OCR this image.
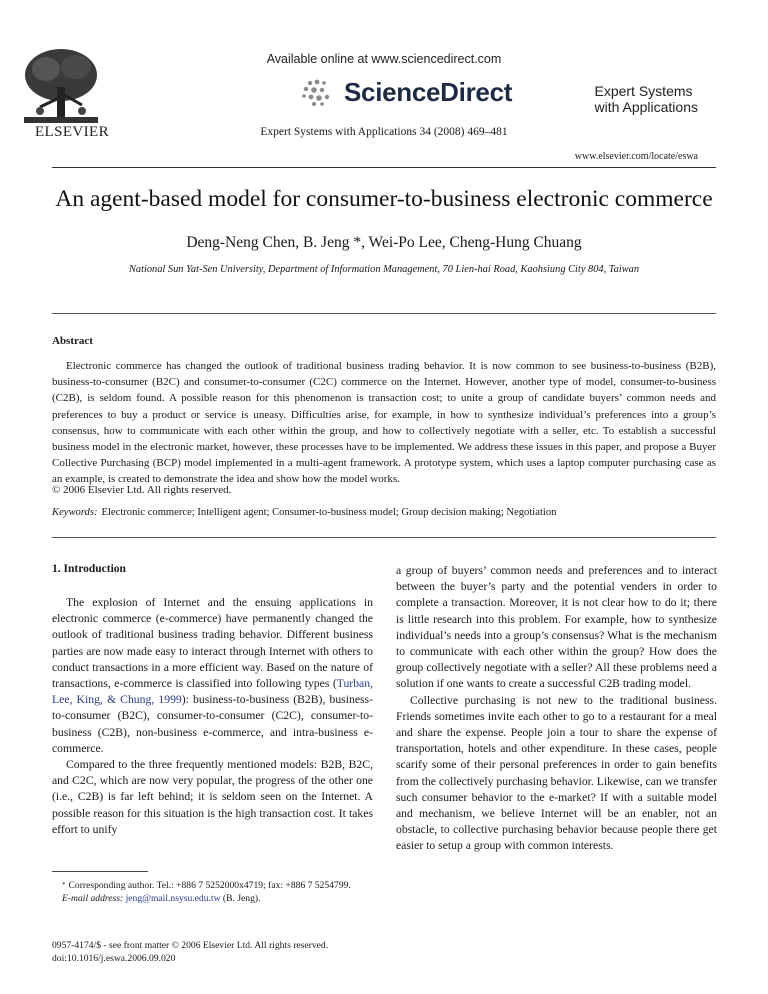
ELSEVIER
Available online at www.sciencedirect.com
ScienceDirect
Expert Systems with Applications 34 (2008) 469–481
Expert Systems
with Applications
www.elsevier.com/locate/eswa
An agent-based model for consumer-to-business electronic commerce
Deng-Neng Chen, B. Jeng *, Wei-Po Lee, Cheng-Hung Chuang
National Sun Yat-Sen University, Department of Information Management, 70 Lien-hai Road, Kaohsiung City 804, Taiwan
Abstract
Electronic commerce has changed the outlook of traditional business trading behavior. It is now common to see business-to-business (B2B), business-to-consumer (B2C) and consumer-to-consumer (C2C) commerce on the Internet. However, another type of model, consumer-to-business (C2B), is seldom found. A possible reason for this phenomenon is transaction cost; to unite a group of candidate buyers’ common needs and preferences to buy a product or service is uneasy. Difficulties arise, for example, in how to synthesize individual’s preferences into a group’s consensus, how to communicate with each other within the group, and how to collectively negotiate with a seller, etc. To establish a successful business model in the electronic market, however, these processes have to be implemented. We address these issues in this paper, and propose a Buyer Collective Purchasing (BCP) model implemented in a multi-agent framework. A prototype system, which uses a laptop computer purchasing case as an example, is created to demonstrate the idea and show how the model works.
© 2006 Elsevier Ltd. All rights reserved.
Keywords: Electronic commerce; Intelligent agent; Consumer-to-business model; Group decision making; Negotiation
1. Introduction

The explosion of Internet and the ensuing applications in electronic commerce (e-commerce) have permanently changed the outlook of traditional business trading behavior. Different business parties are now made easy to interact through Internet with others to conduct transactions in a more efficient way. Based on the nature of transactions, e-commerce is classified into following types (Turban, Lee, King, & Chung, 1999): business-to-business (B2B), business-to-consumer (B2C), consumer-to-consumer (C2C), consumer-to-business (C2B), non-business e-commerce, and intra-business e-commerce.

Compared to the three frequently mentioned models: B2B, B2C, and C2C, which are now very popular, the progress of the other one (i.e., C2B) is far left behind; it is seldom seen on the Internet. A possible reason for this situation is the high transaction cost. It takes effort to unify

a group of buyers’ common needs and preferences and to interact between the buyer’s party and the potential venders in order to complete a transaction. Moreover, it is not clear how to do it; there is little research into this problem. For example, how to synthesize individual’s needs into a group’s consensus? What is the mechanism to communicate with each other within the group? How does the group collectively negotiate with a seller? All these problems need a solution if one wants to create a successful C2B trading model.

Collective purchasing is not new to the traditional business. Friends sometimes invite each other to go to a restaurant for a meal and share the expense. People join a tour to share the expense of transportation, hotels and other expenditure. In these cases, people scarify some of their personal preferences in order to gain benefits from the collectively purchasing behavior. Likewise, can we transfer such consumer behavior to the e-market? If with a suitable model and mechanism, we believe Internet will be an enabler, not an obstacle, to collective purchasing behavior because people there get easier to setup a group with common interests.

* Corresponding author. Tel.: +886 7 5252000x4719; fax: +886 7 5254799.
E-mail address: jeng@mail.nsysu.edu.tw (B. Jeng).
0957-4174/$ - see front matter © 2006 Elsevier Ltd. All rights reserved.
doi:10.1016/j.eswa.2006.09.020
